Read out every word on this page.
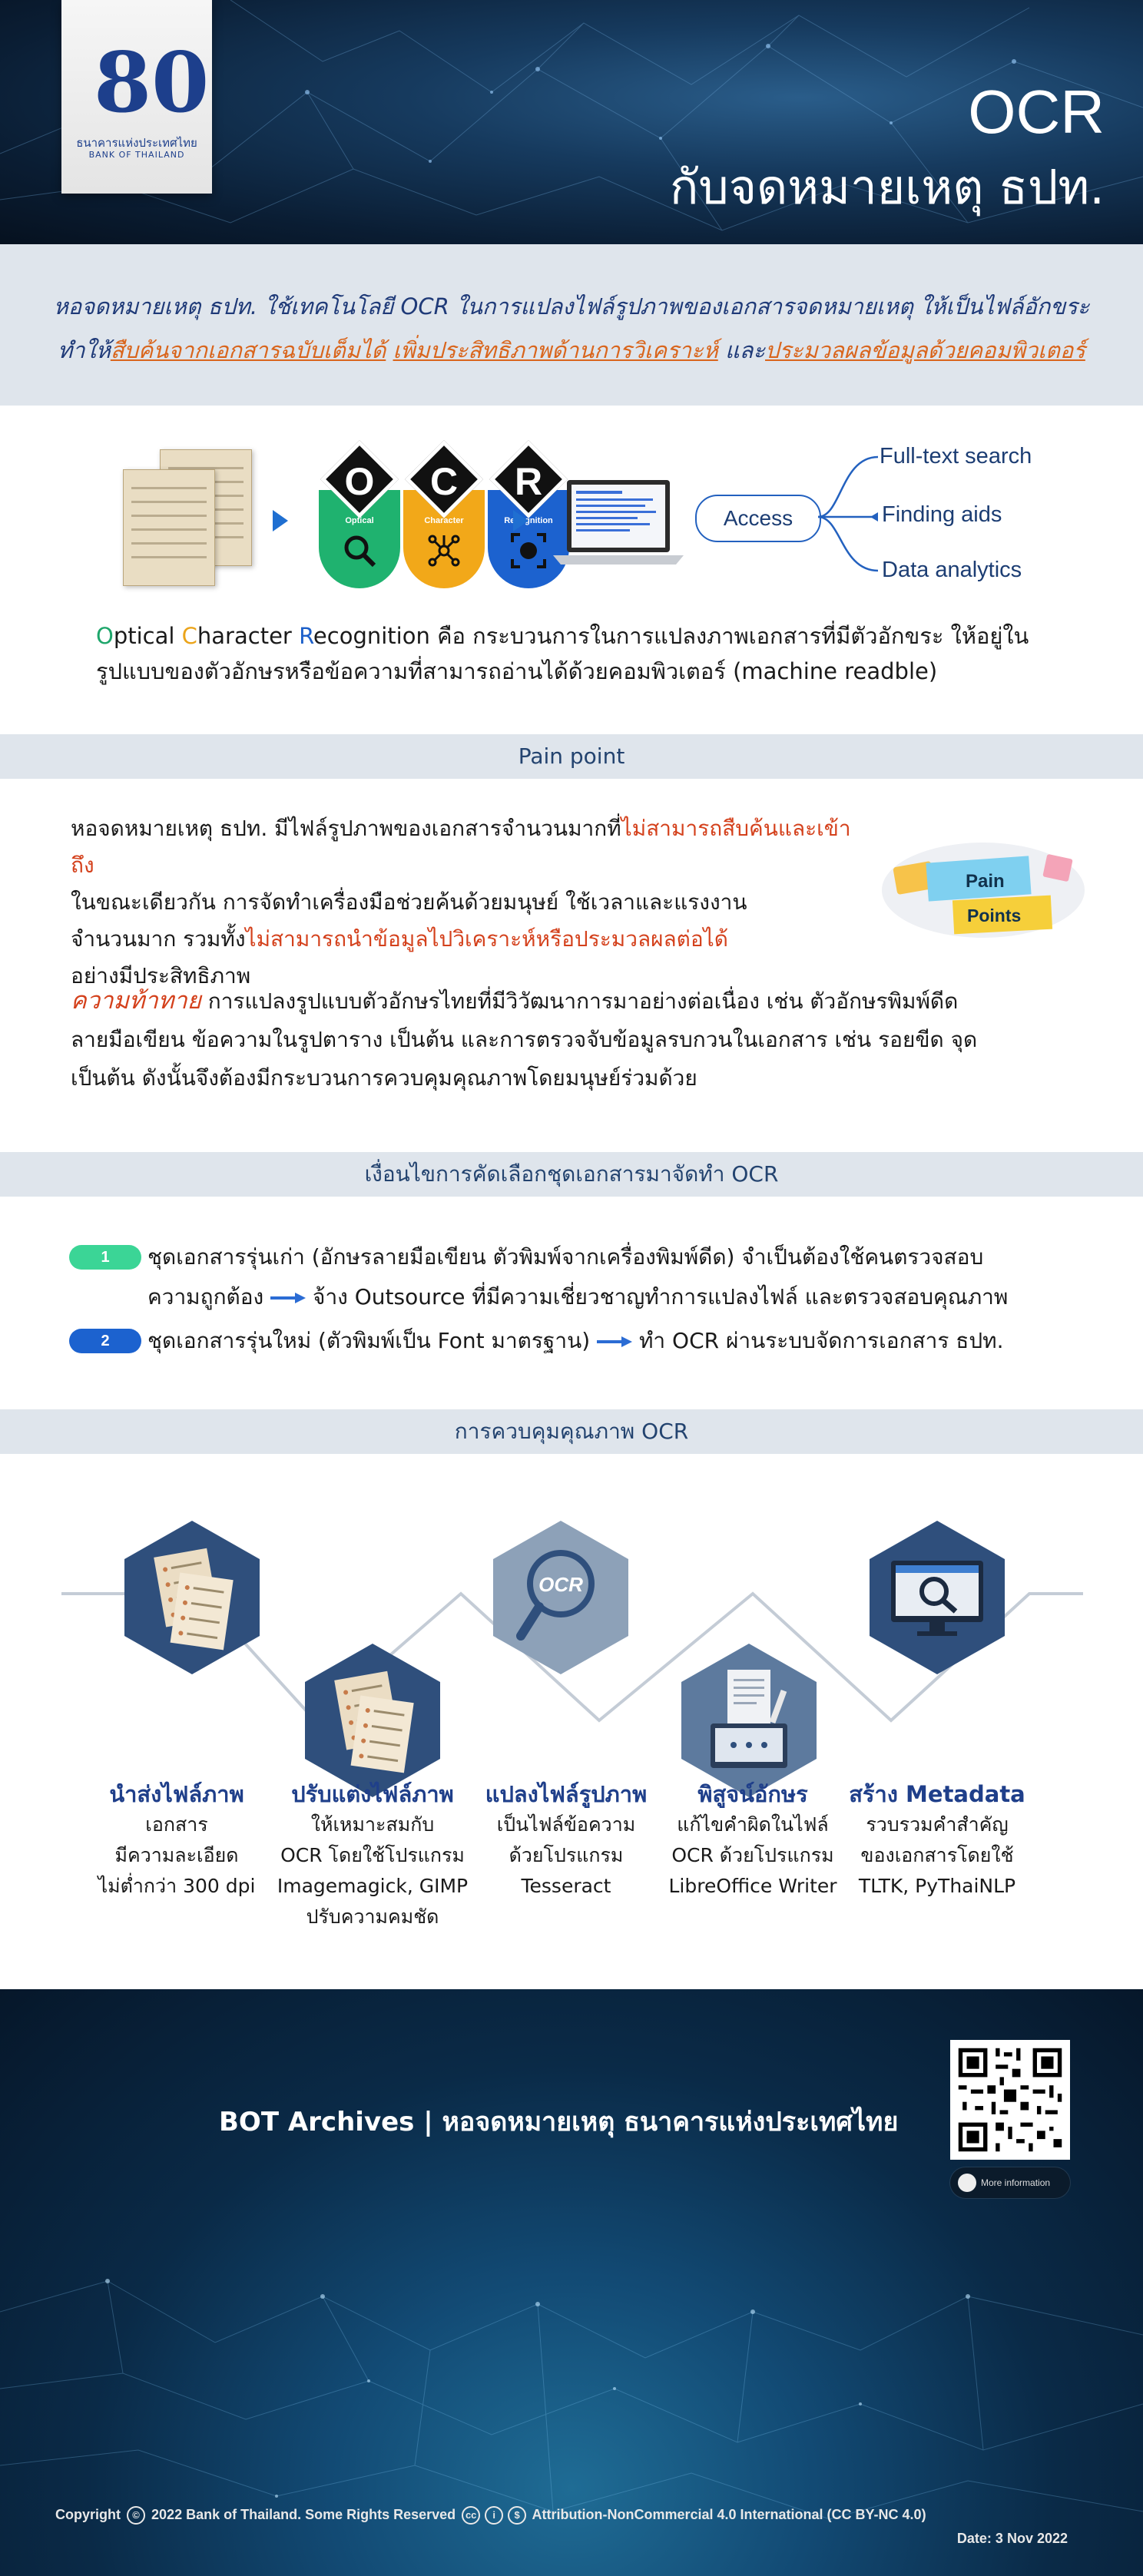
80
ธนาคารแห่งประเทศไทย
BANK OF THAILAND
OCR
กับจดหมายเหตุ ธปท.

หอจดหมายเหตุ ธปท. ใช้เทคโนโลยี OCR ในการแปลงไฟล์รูปภาพของเอกสารจดหมายเหตุ ให้เป็นไฟล์อักขระ

ทำให้สืบค้นจากเอกสารฉบับเต็มได้ เพิ่มประสิทธิภาพด้านการวิเคราะห์ และประมวลผลข้อมูลด้วยคอมพิวเตอร์

O
Optical
C
Character
R
Recognition	Access
Full-text search
Finding aids
Data analytics
Optical Character Recognition คือ กระบวนการในการแปลงภาพเอกสารที่มีตัวอักขระ ให้อยู่ใน
รูปแบบของตัวอักษรหรือข้อความที่สามารถอ่านได้ด้วยคอมพิวเตอร์ (machine readble)
Pain point
หอจดหมายเหตุ ธปท. มีไฟล์รูปภาพของเอกสารจำนวนมากที่ไม่สามารถสืบค้นและเข้าถึง
ในขณะเดียวกัน การจัดทำเครื่องมือช่วยค้นด้วยมนุษย์ ใช้เวลาและแรงงาน
จำนวนมาก รวมทั้งไม่สามารถนำข้อมูลไปวิเคราะห์หรือประมวลผลต่อได้
อย่างมีประสิทธิภาพ
Pain
Points
ความท้าทาย การแปลงรูปแบบตัวอักษรไทยที่มีวิวัฒนาการมาอย่างต่อเนื่อง เช่น ตัวอักษรพิมพ์ดีด
ลายมือเขียน ข้อความในรูปตาราง เป็นต้น และการตรวจจับข้อมูลรบกวนในเอกสาร เช่น รอยขีด จุด
เป็นต้น ดังนั้นจึงต้องมีกระบวนการควบคุมคุณภาพโดยมนุษย์ร่วมด้วย
เงื่อนไขการคัดเลือกชุดเอกสารมาจัดทำ OCR
1	ชุดเอกสารรุ่นเก่า (อักษรลายมือเขียน ตัวพิมพ์จากเครื่องพิมพ์ดีด) จำเป็นต้องใช้คนตรวจสอบ
ความถูกต้อง  จ้าง Outsource ที่มีความเชี่ยวชาญทำการแปลงไฟล์ และตรวจสอบคุณภาพ
2	ชุดเอกสารรุ่นใหม่ (ตัวพิมพ์เป็น Font มาตรฐาน)  ทำ OCR ผ่านระบบจัดการเอกสาร ธปท.
การควบคุมคุณภาพ OCR
OCR
นำส่งไฟล์ภาพ
เอกสาร
มีความละเอียด
ไม่ต่ำกว่า 300 dpi
ปรับแต่งไฟล์ภาพ
ให้เหมาะสมกับ
OCR โดยใช้โปรแกรม
Imagemagick, GIMP
ปรับความคมชัด
แปลงไฟล์รูปภาพ
เป็นไฟล์ข้อความ
ด้วยโปรแกรม
Tesseract
พิสูจน์อักษร
แก้ไขคำผิดในไฟล์
OCR ด้วยโปรแกรม
LibreOffice Writer
สร้าง Metadata
รวบรวมคำสำคัญ
ของเอกสารโดยใช้
TLTK, PyThaiNLP
BOT Archives | หอจดหมายเหตุ ธนาคารแห่งประเทศไทย
More information
Copyright © 2022 Bank of Thailand. Some Rights Reserved cc i $ Attribution-NonCommercial 4.0 International (CC BY-NC 4.0)
Date: 3 Nov 2022
